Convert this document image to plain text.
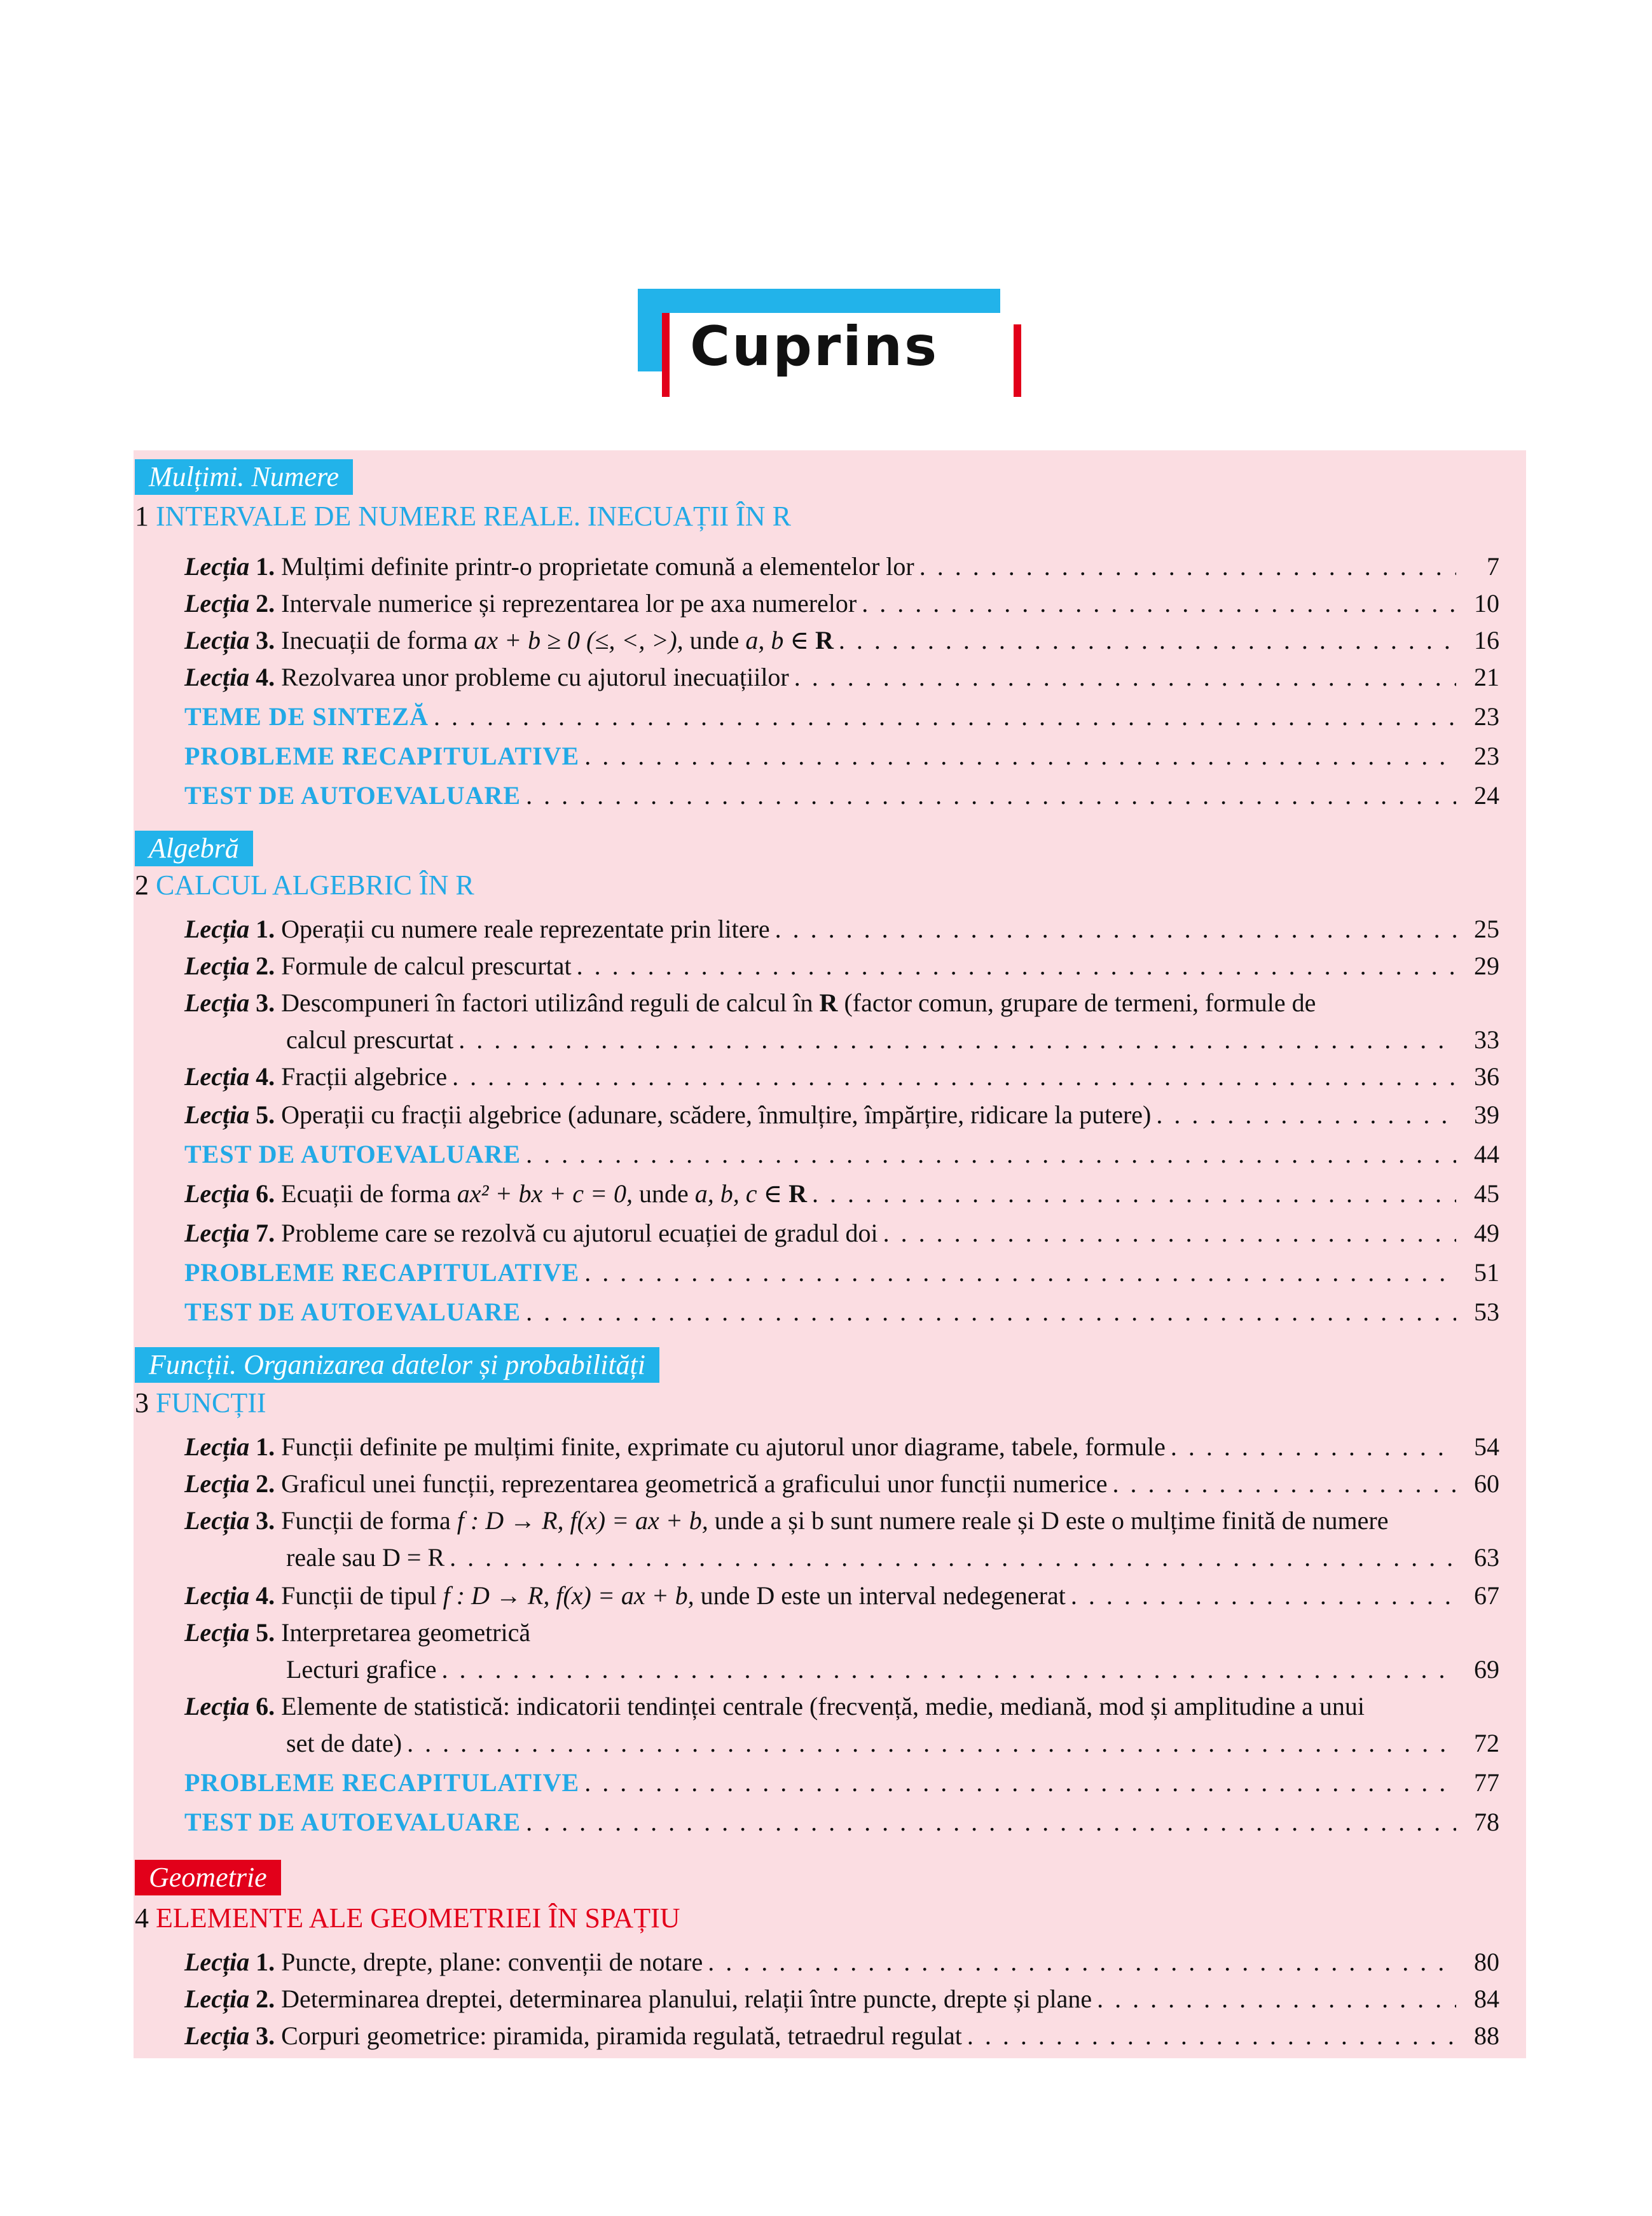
Cuprins
Mulțimi. Numere
1 INTERVALE DE NUMERE REALE. INECUAȚII ÎN R
Lecția
1.
Mulțimi definite printr-o proprietate comună a elementelor lor . . .	7
Lecția
2.
Intervale numerice și reprezentarea lor pe axa numerelor . . .	10
Lecția
3.
Inecuații de forma
ax + b ≥ 0 (≤, <, >),
unde
a, b ∈
R . . .	16
Lecția
4.
Rezolvarea unor probleme cu ajutorul inecuațiilor . . .	21
TEME DE SINTEZĂ . . .	23
PROBLEME RECAPITULATIVE . . .	23
TEST DE AUTOEVALUARE . . .	24
Algebră
2 CALCUL ALGEBRIC ÎN R
Lecția
1.
Operații cu numere reale reprezentate prin litere . . .	25
Lecția
2.
Formule de calcul prescurtat . . .	29
Lecția
3.
Descompuneri în factori utilizând reguli de calcul în
R
(factor comun, grupare de termeni, formule de
calcul prescurtat . . .	33
Lecția
4.
Fracții algebrice . . .	36
Lecția
5.
Operații cu fracții algebrice (adunare, scădere, înmulțire, împărțire, ridicare la putere) . . .	39
TEST DE AUTOEVALUARE . . .	44
Lecția
6.
Ecuații de forma
ax² + bx + c = 0,
unde
a, b, c ∈
R . . .	45
Lecția
7.
Probleme care se rezolvă cu ajutorul ecuației de gradul doi . . .	49
PROBLEME RECAPITULATIVE . . .	51
TEST DE AUTOEVALUARE . . .	53
Funcții. Organizarea datelor și probabilități
3 FUNCȚII
Lecția
1.
Funcții definite pe mulțimi finite, exprimate cu ajutorul unor diagrame, tabele, formule . . .	54
Lecția
2.
Graficul unei funcții, reprezentarea geometrică a graficului unor funcții numerice . . .	60
Lecția
3.
Funcții de forma
f : D → R, f(x) = ax + b,
unde a și b sunt numere reale și D este o mulțime finită de numere
reale sau D = R . . .	63
Lecția
4.
Funcții de tipul
f : D → R, f(x) = ax + b,
unde D este un interval nedegenerat . . .	67
Lecția
5.
Interpretarea geometrică
Lecturi grafice . . .	69
Lecția
6.
Elemente de statistică: indicatorii tendinței centrale (frecvență, medie, mediană, mod și amplitudine a unui
set de date) . . .	72
PROBLEME RECAPITULATIVE . . .	77
TEST DE AUTOEVALUARE . . .	78
Geometrie
4 ELEMENTE ALE GEOMETRIEI ÎN SPAȚIU
Lecția
1.
Puncte, drepte, plane: convenții de notare . . .	80
Lecția
2.
Determinarea dreptei, determinarea planului, relații între puncte, drepte și plane . . .	84
Lecția
3.
Corpuri geometrice: piramida, piramida regulată, tetraedrul regulat . . .	88
